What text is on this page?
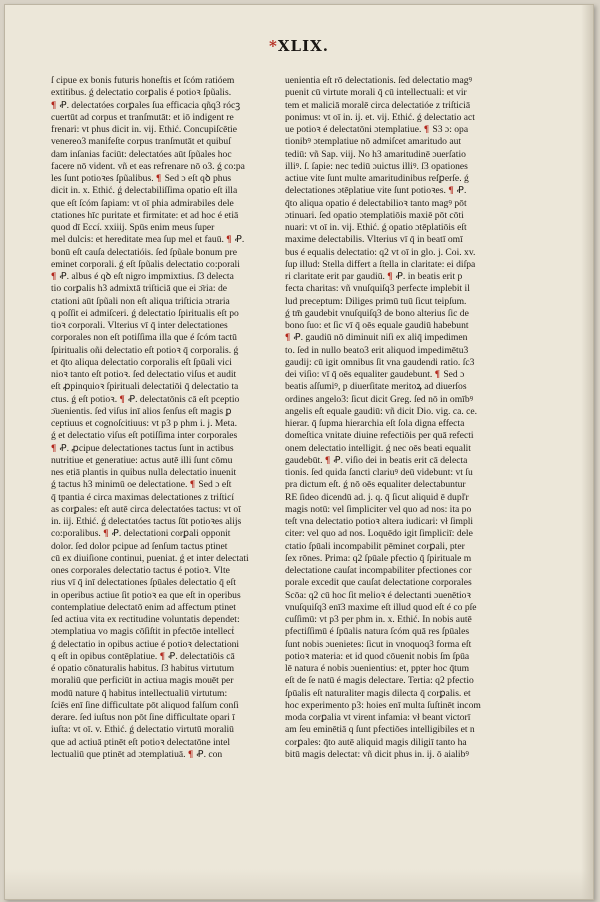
*XLIX.
ſ cipue ex bonis futuris honeſtis et ſcóm ratióem
extitibus. ǵ delectatio corꝑalis é potioꝛ ſpũalis.
¶ Ꝓ. delectatóes corꝑales ſua efficacia qñq3 rócꝫ
cuertūt ad corpus et tranſmutāt: et iō indigent re
frenari: vt phus dicit in. vij. Ethić. Concupiſcētie
venereo3 manifeſte corpus tranſmutāt et quibuſ
dam inſanias faciūt: delectatóes aūt ſpũales hoc
facere nō vident. vñ et eas refrenare nō o3. ǵ co:pa
les ſunt potioꝛes ſpũalibus. ¶ Sed ɔ eſt qꝺ phus
dicit in. x. Ethić. ǵ delectabiliſſima opatio eſt illa
que eſt ſcóm ſapiam: vt oī phia admirabiles dele
ctationes hīc puritate et firmitate: et ad hoc é etiā
quod dī Eccí. xxiiij. Spūs enim meus ſuper
mel dulcis: et hereditate mea ſup mel et fauū. ¶ Ꝓ.
bonū eſt cauſa delectatióis. ſed ſpũale bonum pre
eminet corporali. ǵ eſt ſpũalis delectatio co:porali
¶ Ꝓ. albus é qꝺ eſt nigro impmixtius. ſ3 delecta
tio corꝑalis h3 admixtā triſticiā que ei ɔ̄ria: de
ctationi aūt ſpũali non eſt aliqua triſticia ɔtraria
q poſſit ei admiſceri. ǵ delectatio ſpiritualis eſt po
tioꝛ corporali. Vlterius vī q̄ inter delectationes
corporales non eſt potiſſima illa que é ſcóm tactū
ſpiritualis oñi delectatio eſt potioꝛ q̄ corporalis. ǵ
et q̄to aliqua delectatio corporalis eſt ſpūali vici
nioꝛ tanto eſt potioꝛ. ſed delectatio viſus et audit
eſt ꝓpinquioꝛ ſpirituali delectatiōi q̄ delectatio ta
ctus. ǵ eſt potioꝛ. ¶ Ꝓ. delectatōnis cā eſt pceptio
ɔ̄uenientis. ſed viſus inī alios ſenſus eſt magis ꝑ
ceptiuus et cognoſcitiuus: vt p3 p phm i. j. Meta.
ǵ et delectatio viſus eſt potiſſima inter corporales
¶ Ꝓ. ꝓcipue delectationes tactus ſunt in actibus
nutritiue et generatiue: actus autē illi ſunt cōmu
nes etiā plantis in quibus nulla delectatio inuenit
ǵ tactus h3 minimū oe delectatione. ¶ Sed ɔ eſt
q̄ tpantia é circa maximas delectationes z triſticí
as corꝑales: eſt autē circa delectatóes tactus: vt oī
in. iij. Ethić. ǵ delectatóes tactus ſūt potioꝛes alijs
co:poralibus. ¶ Ꝓ. delectationi corꝑali opponit
dolor. ſed dolor pcipue ad ſenſum tactus ptinet
cū ex diuiſione continui, pueniat. ǵ et inter delectati
ones corporales delectatio tactus é potioꝛ. Vlte
rius vī q̄ inī delectationes ſpūales delectatio q̄ eſt
in operibus actiue ſit potioꝛ ea que eſt in operibus
contemplatiue delectatō enim ad affectum ptinet
ſed actiua vita ex rectitudine voluntatis dependet:
ɔtemplatiua vo magis cōſiſtit in pfectōe intellecṫ
ǵ delectatio in opibus actiue é potioꝛ delectationi
q eſt in opibus contēplatiue. ¶ Ꝓ. delectatiōis cā
é opatio cōnaturalis habitus. ſ3 habitus virtutum
moraliū que perficiūt in actiua magis mouēt per
modū nature q̄ habitus intellectualiū virtutum:
ſciēs enī ſine difficultate pōt aliquod falſum conſi
derare. ſed iuſtus non pōt ſine difficultate opari ī
iuſta: vt oī. v. Ethić. ǵ delectatio virtutū moraliū
que ad actiuā ptinēt eſt potioꝛ delectatōne intel
lectualiū que ptinēt ad ɔtemplatiuā. ¶ Ꝓ. con
uenientia eſt rō delectationis. ſed delectatio magꝰ
puenit cū virtute morali q̄ cū intellectuali: et vir
tem et maliciā moralē circa delectatióe z triſticiā
ponimus: vt oī in. ij. et. vij. Ethić. ǵ delectatio act
ue potioꝛ é delectatōni ɔtemplatiue. ¶ S3 ɔ: opa
tionibꝰ ɔtemplatiue nō admiſcet amaritudo aut
tediū: vñ Sap. viij. No h3 amaritudinē ɔuerſatio
illiꝰ. ſ. ſapie: nec tediū ɔuictus illiꝰ. ſ3 opationes
actiue vite ſunt multe amaritudinibus reſꝑerſe. ǵ
delectationes ɔtēplatiue vite ſunt potioꝛes. ¶ Ꝓ.
q̄to aliqua opatio é delectabilioꝛ tanto magꝰ pōt
ɔtinuari. ſed opatio ɔtemplatiōis maxiē pōt cōti
nuari: vt oī in. vij. Ethić. ǵ opatio ɔtēplatiōis eſt
maxime delectabilis. Vlterius vī q̄ in beatī omī
bus é equalis delectatio: q2 vt oī in glo. j. Coi. xv.
ſup illud: Stella differt a ſtella in claritate: ei diſpa
ri claritate erit par gaudiū. ¶ Ꝓ. in beatis erit p
fecta charitas: vñ vnuſquiſq3 perfecte implebit il
lud preceptum: Diliges primū tuū ſicut teipſum.
ǵ tm̄ gaudebit vnuſquiſq3 de bono alterius ſic de
bono ſuo: et ſic vī q̄ oēs equale gaudiū habebunt
¶ Ꝓ. gaudiū nō diminuit niſi ex aliq̄ impedimen
to. ſed in nullo beato3 erit aliquod impedimētu3
gaudij: cū igit omnibus ſit vna gaudendi ratio. ſc3
dei viſio: vī q̄ oēs equaliter gaudebunt. ¶ Sed ɔ
beatis aſſumiꝰ, p diuerſitate meritoꝝ ad diuerſos
ordines angelo3: ſicut dicit Greg. ſed nō in omībꝰ
angelis eſt equale gaudiū: vñ dicit Dio. vig. ca. ce.
hierar. q̄ ſupma hierarchia eſt ſola digna effecta
domeſtica vnitate diuine refectiōis per quā refecti
onem delectatio intelligit. ǵ nec oēs beati equalit
gaudebūt. ¶ Ꝓ. viſio dei in beatis erit cā delecta
tionis. ſed quida ſancti clariuꝰ deū videbunt: vt ſu
pra dictum eſt. ǵ nō oēs equaliter delectabuntur
RE ſideo dicendū ad. j. q. q̄ ſicut aliquid ē dupľr
magis notū: vel ſimpliciter vel quo ad nos: ita po
teſt vna delectatio potioꝛ altera iudicari: vł ſimpli
citer: vel quo ad nos. Loquēdo igit ſimpliciī: dele
ctatio ſpūali incompabilit pēminet corꝑali, pter
ſex rōnes. Prima: q2 ſpūale pfectio q̄ ſpirituale m
delectatione cauſat incompabiliter pfectiones cor
porale excedit que cauſat delectatione corporales
Scōa: q2 cū hoc ſit melioꝛ é delectanti ɔuenētioꝛ
vnuſquiſq3 enī3 maxime eſt illud quod eſt é co pſe
cuſſimū: vt p3 per phm in. x. Ethić. In nobis autē
pfectiſſimū é ſpūalis natura ſcóm quā res ſpūales
ſunt nobis ɔuenietes: ſicut in vnoquoq3 forma eſt
potioꝛ materia: et id quod cōuenit nobis ſm ſpūa
lē natura é nobis ɔuenientius: et, ppter hoc q̄tum
eſt de ſe natū é magis delectare. Tertia: q2 pfectio
ſpūalis eſt naturaliter magis dilecta q̄ corꝑalis. et
hoc experimento p3: hoies enī multa ſuſtinēt incom
moda corꝑalia vt virent infamia: vł beant victorī
am ſeu eminētiā q ſunt pfectiōes intelligibiles et n
corꝑales: q̄to autē aliquid magis diligiī tanto ha
bitū magis delectat: vñ dicit phus in. ij. ō aialibꝰ
